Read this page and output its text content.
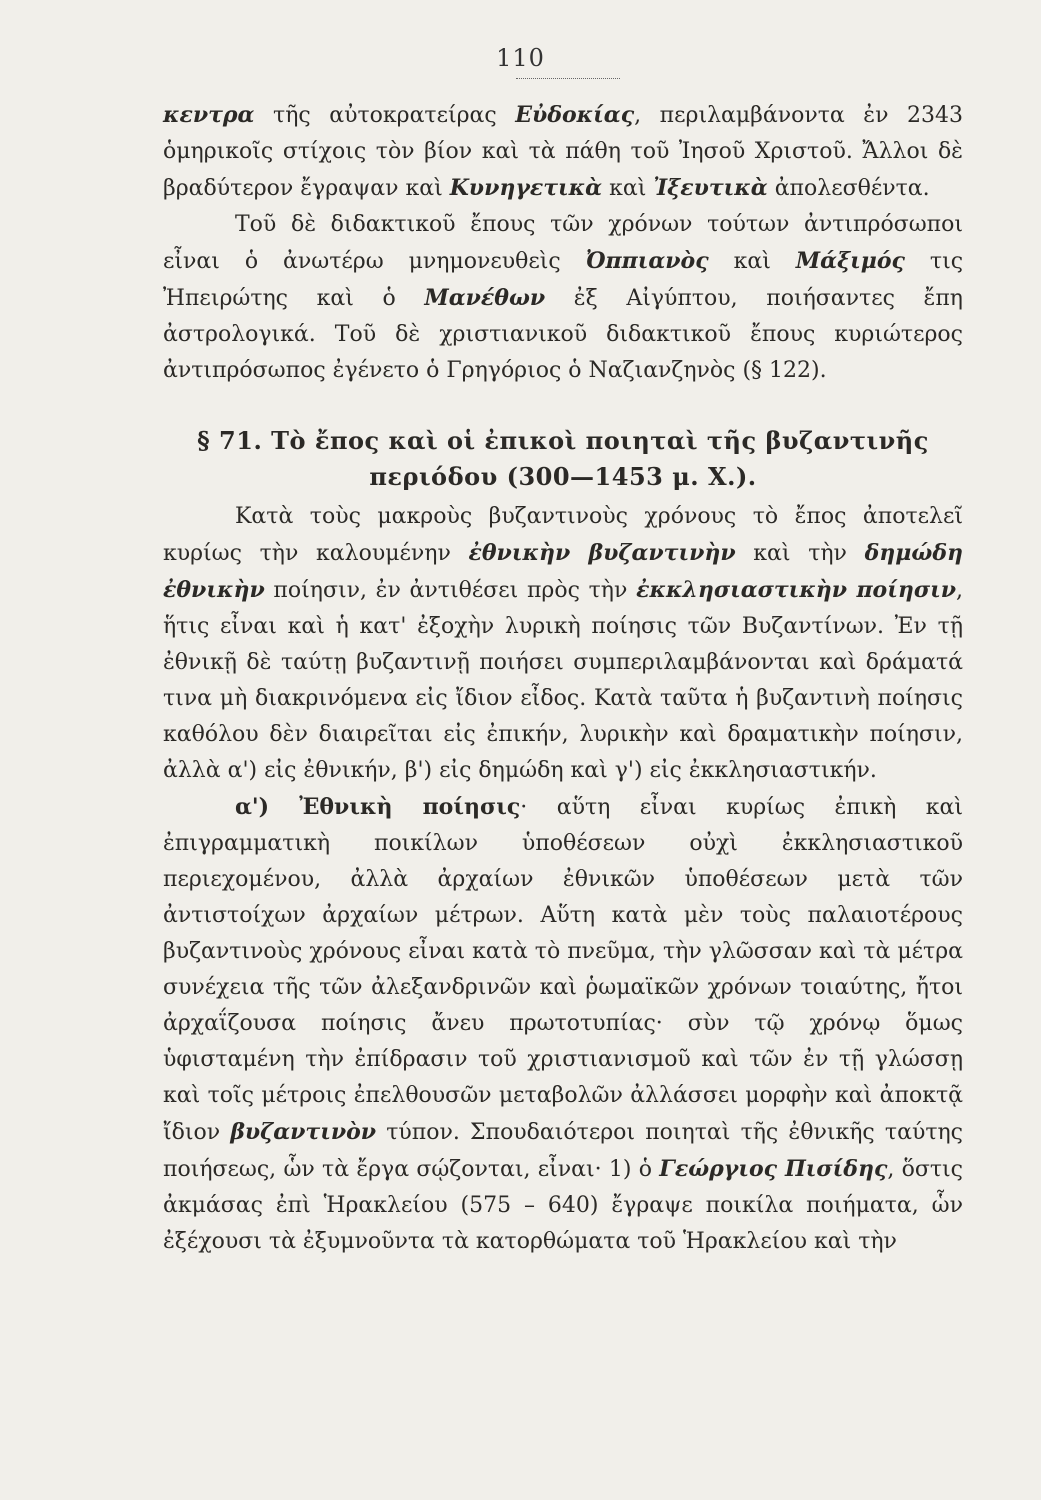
110

κεντρα τῆς αὐτοκρατείρας Εὐδοκίας, περιλαμβάνοντα ἐν 2343 ὁμηρικοῖς στίχοις τὸν βίον καὶ τὰ πάθη τοῦ Ἰησοῦ Χριστοῦ. Ἄλλοι δὲ βραδύτερον ἔγραψαν καὶ Κυνηγετικὰ καὶ Ἰξευτικὰ ἀπολεσθέντα.

Τοῦ δὲ διδακτικοῦ ἔπους τῶν χρόνων τούτων ἀντιπρόσωποι εἶναι ὁ ἀνωτέρω μνημονευθεὶς Ὀππιανὸς καὶ Μάξιμός τις Ἠπειρώτης καὶ ὁ Μανέθων ἐξ Αἰγύπτου, ποιήσαντες ἔπη ἀστρολογικά. Τοῦ δὲ χριστιανικοῦ διδακτικοῦ ἔπους κυριώτερος ἀντιπρόσωπος ἐγένετο ὁ Γρηγόριος ὁ Ναζιανζηνὸς (§ 122).

§ 71. Τὸ ἔπος καὶ οἱ ἐπικοὶ ποιηταὶ τῆς βυζαντινῆς
περιόδου (300—1453 μ. Χ.).

Κατὰ τοὺς μακροὺς βυζαντινοὺς χρόνους τὸ ἔπος ἀποτελεῖ κυρίως τὴν καλουμένην ἐθνικὴν βυζαντινὴν καὶ τὴν δημώδη ἐθνικὴν ποίησιν, ἐν ἀντιθέσει πρὸς τὴν ἐκκλησιαστικὴν ποίησιν, ἥτις εἶναι καὶ ἡ κατ' ἐξοχὴν λυρικὴ ποίησις τῶν Βυζαντίνων. Ἐν τῇ ἐθνικῇ δὲ ταύτῃ βυζαντινῇ ποιήσει συμπεριλαμβάνονται καὶ δράματά τινα μὴ διακρινόμενα εἰς ἴδιον εἶδος. Κατὰ ταῦτα ἡ βυζαντινὴ ποίησις καθόλου δὲν διαιρεῖται εἰς ἐπικήν, λυρικὴν καὶ δραματικὴν ποίησιν, ἀλλὰ α') εἰς ἐθνικήν, β') εἰς δημώδη καὶ γ') εἰς ἐκκλησιαστικήν.

α') Ἐθνικὴ ποίησις· αὕτη εἶναι κυρίως ἐπικὴ καὶ ἐπιγραμματικὴ ποικίλων ὑποθέσεων οὐχὶ ἐκκλησιαστικοῦ περιεχομένου, ἀλλὰ ἀρχαίων ἐθνικῶν ὑποθέσεων μετὰ τῶν ἀντιστοίχων ἀρχαίων μέτρων. Αὕτη κατὰ μὲν τοὺς παλαιοτέρους βυζαντινοὺς χρόνους εἶναι κατὰ τὸ πνεῦμα, τὴν γλῶσσαν καὶ τὰ μέτρα συνέχεια τῆς τῶν ἀλεξανδρινῶν καὶ ῥωμαϊκῶν χρόνων τοιαύτης, ἤτοι ἀρχαΐζουσα ποίησις ἄνευ πρωτοτυπίας· σὺν τῷ χρόνῳ ὅμως ὑφισταμένη τὴν ἐπίδρασιν τοῦ χριστιανισμοῦ καὶ τῶν ἐν τῇ γλώσσῃ καὶ τοῖς μέτροις ἐπελθουσῶν μεταβολῶν ἀλλάσσει μορφὴν καὶ ἀποκτᾷ ἴδιον βυζαντινὸν τύπον. Σπουδαιότεροι ποιηταὶ τῆς ἐθνικῆς ταύτης ποιήσεως, ὧν τὰ ἔργα σῴζονται, εἶναι· 1) ὁ Γεώργιος Πισίδης, ὅστις ἀκμάσας ἐπὶ Ἡρακλείου (575 – 640) ἔγραψε ποικίλα ποιήματα, ὧν ἐξέχουσι τὰ ἐξυμνοῦντα τὰ κατορθώματα τοῦ Ἡρακλείου καὶ τὴν
